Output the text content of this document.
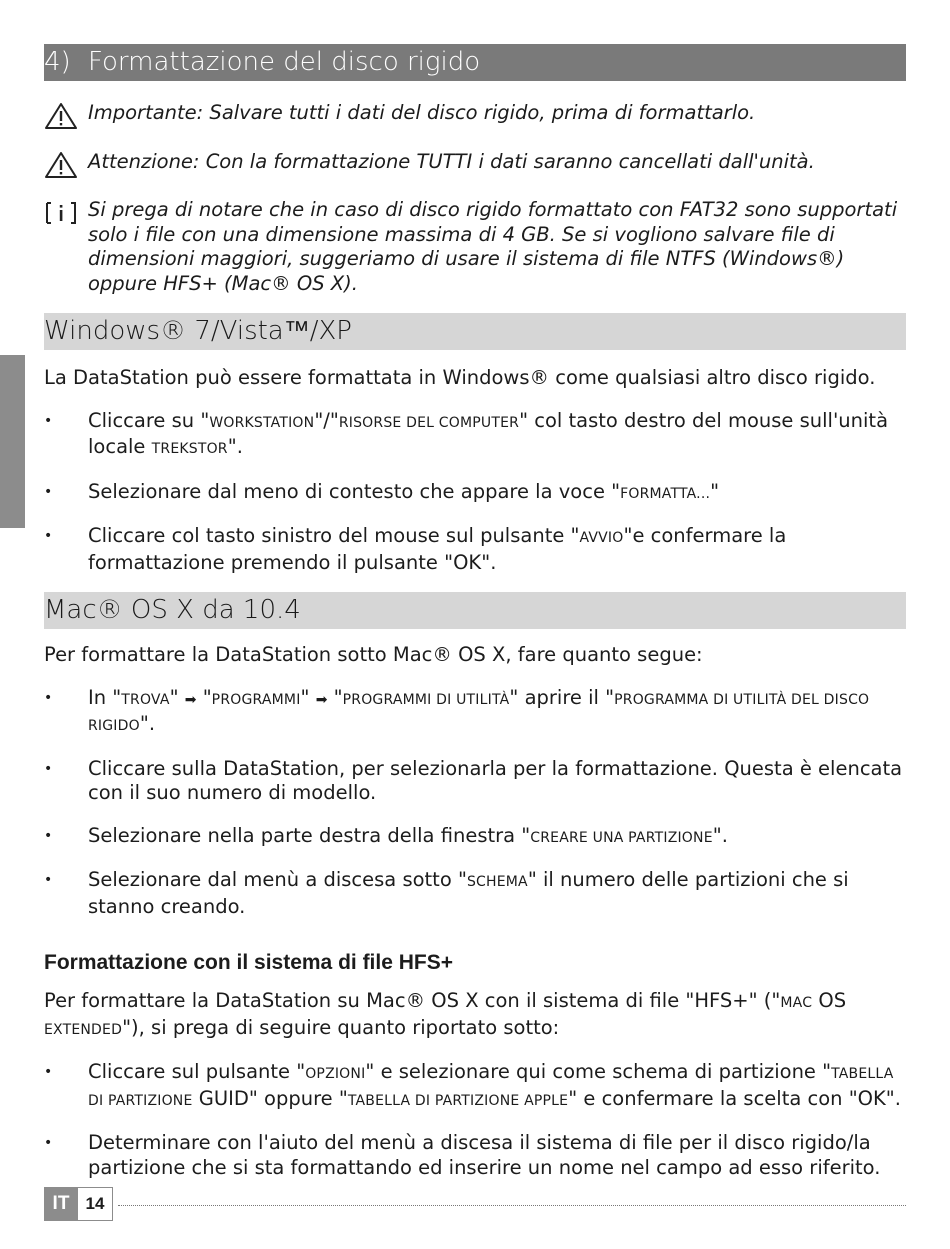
4) Formattazione del disco rigido
Importante: Salvare tutti i dati del disco rigido, prima di formattarlo.
Attenzione: Con la formattazione TUTTI i dati saranno cancellati dall'unità.
Si prega di notare che in caso di disco rigido formattato con FAT32 sono supportati solo i file con una dimensione massima di 4 GB. Se si vogliono salvare file di dimensioni maggiori, suggeriamo di usare il sistema di file NTFS (Windows®) oppure HFS+ (Mac® OS X).
Windows® 7/Vista™/XP
La DataStation può essere formattata in Windows® come qualsiasi altro disco rigido.
• Cliccare su "WORKSTATION"/"RISORSE DEL COMPUTER" col tasto destro del mouse sull'unità locale TREKSTOR".
• Selezionare dal meno di contesto che appare la voce "FORMATTA..."
• Cliccare col tasto sinistro del mouse sul pulsante "AVVIO"e confermare la formattazione premendo il pulsante "OK".
Mac® OS X da 10.4
Per formattare la DataStation sotto Mac® OS X, fare quanto segue:
• In "TROVA" ➡ "PROGRAMMI" ➡ "PROGRAMMI DI UTILITÀ" aprire il "PROGRAMMA DI UTILITÀ DEL DISCO RIGIDO".
• Cliccare sulla DataStation, per selezionarla per la formattazione. Questa è elencata con il suo numero di modello.
• Selezionare nella parte destra della finestra "CREARE UNA PARTIZIONE".
• Selezionare dal menù a discesa sotto "SCHEMA" il numero delle partizioni che si stanno creando.
Formattazione con il sistema di file HFS+
Per formattare la DataStation su Mac® OS X con il sistema di file "HFS+" ("MAC OS EXTENDED"), si prega di seguire quanto riportato sotto:
• Cliccare sul pulsante "OPZIONI" e selezionare qui come schema di partizione "TABELLA DI PARTIZIONE GUID" oppure "TABELLA DI PARTIZIONE APPLE" e confermare la scelta con "OK".
• Determinare con l'aiuto del menù a discesa il sistema di file per il disco rigido/la partizione che si sta formattando ed inserire un nome nel campo ad esso riferito.
IT 14
